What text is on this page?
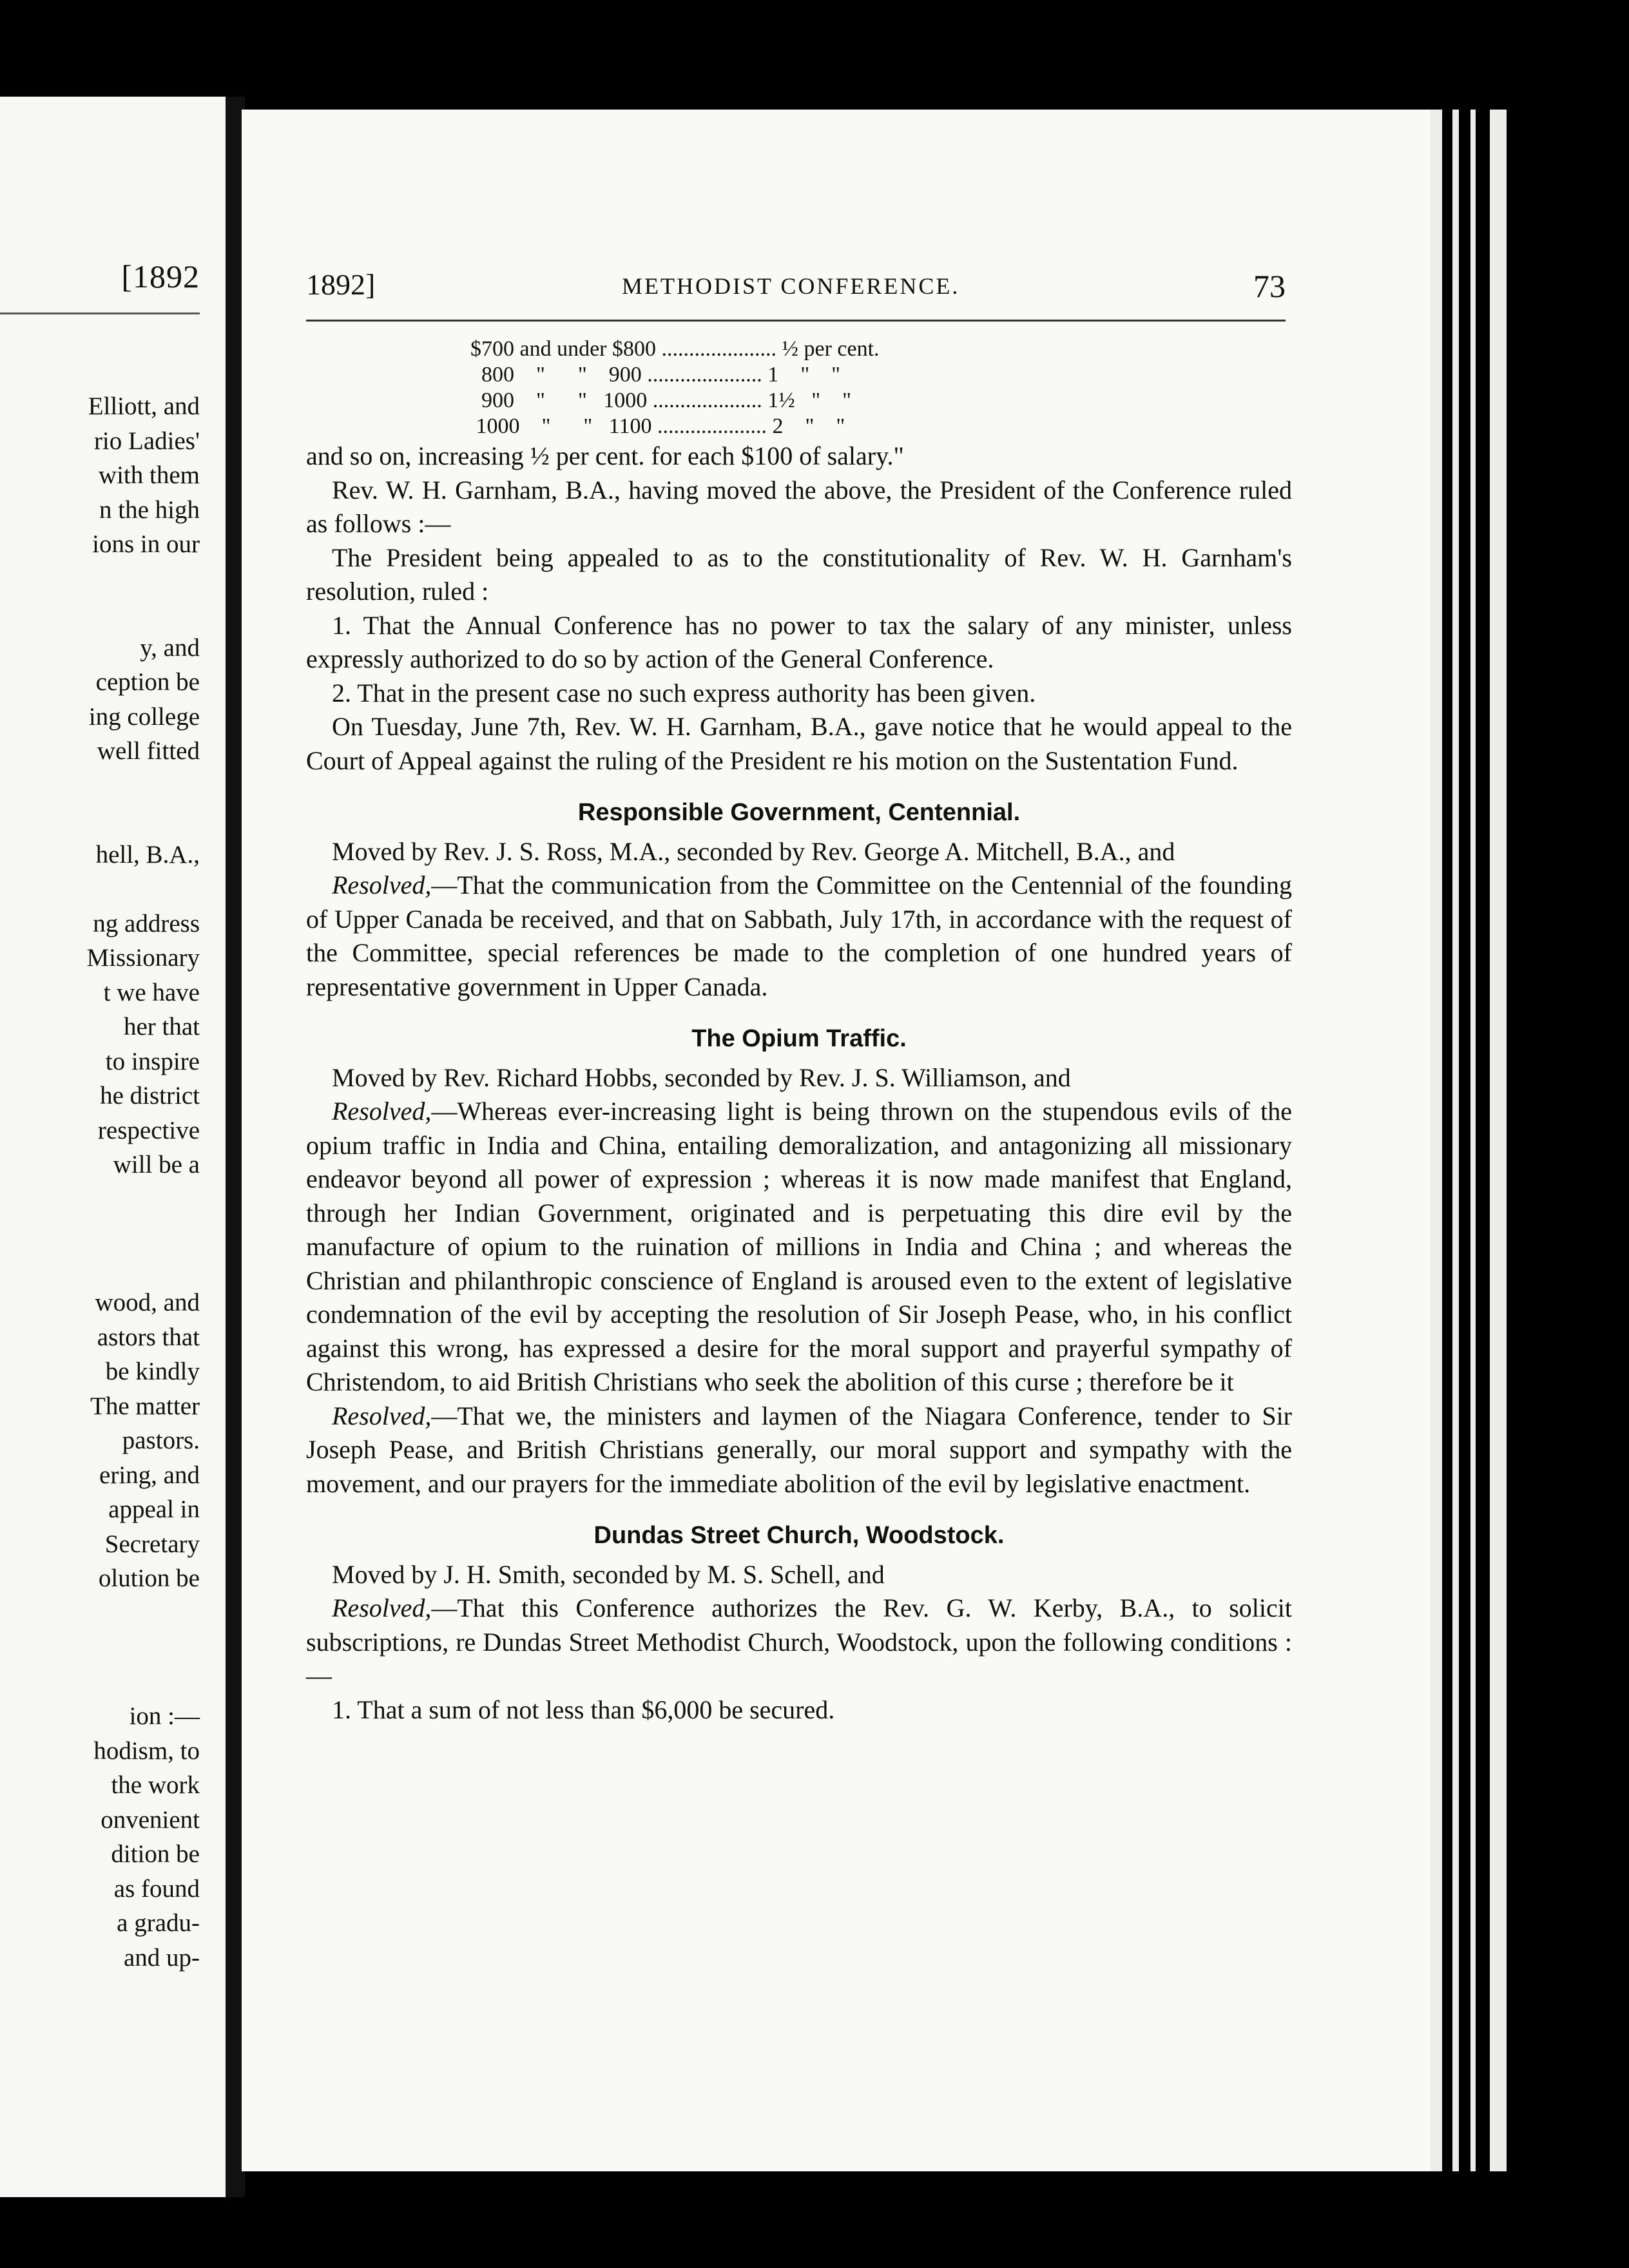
[1892
Elliott, and
rio Ladies'
with them
n the high
ions in our
y, and
ception be
ing college
well fitted
hell, B.A.,
ng address
Missionary
t we have
her that
to inspire
he district
respective
will be a
wood, and
astors that
be kindly
The matter
pastors.
ering, and
appeal in
Secretary
olution be
ion :—
hodism, to
the work
onvenient
dition be
as found
a gradu-
and up-
1892]	METHODIST CONFERENCE.	73
$700 and under $800 ..................... ½ per cent.
800    "      "    900 ..................... 1    "    "
900    "      "   1000 .................... 1½   "    "
1000    "      "   1100 .................... 2    "    "

and so on, increasing ½ per cent. for each $100 of salary."

Rev. W. H. Garnham, B.A., having moved the above, the President of the Conference ruled as follows :—

The President being appealed to as to the constitutionality of Rev. W. H. Garnham's resolution, ruled :

1. That the Annual Conference has no power to tax the salary of any minister, unless expressly authorized to do so by action of the General Conference.

2. That in the present case no such express authority has been given.

On Tuesday, June 7th, Rev. W. H. Garnham, B.A., gave notice that he would appeal to the Court of Appeal against the ruling of the President re his motion on the Sustentation Fund.

Responsible Government, Centennial.

Moved by Rev. J. S. Ross, M.A., seconded by Rev. George A. Mitchell, B.A., and

Resolved,—That the communication from the Committee on the Centennial of the founding of Upper Canada be received, and that on Sabbath, July 17th, in accordance with the request of the Committee, special references be made to the completion of one hundred years of representative government in Upper Canada.

The Opium Traffic.

Moved by Rev. Richard Hobbs, seconded by Rev. J. S. Williamson, and

Resolved,—Whereas ever-increasing light is being thrown on the stupendous evils of the opium traffic in India and China, entailing demoralization, and antagonizing all missionary endeavor beyond all power of expression ; whereas it is now made manifest that England, through her Indian Government, originated and is perpetuating this dire evil by the manufacture of opium to the ruination of millions in India and China ; and whereas the Christian and philanthropic conscience of England is aroused even to the extent of legislative condemnation of the evil by accepting the resolution of Sir Joseph Pease, who, in his conflict against this wrong, has expressed a desire for the moral support and prayerful sympathy of Christendom, to aid British Christians who seek the abolition of this curse ; therefore be it

Resolved,—That we, the ministers and laymen of the Niagara Conference, tender to Sir Joseph Pease, and British Christians generally, our moral support and sympathy with the movement, and our prayers for the immediate abolition of the evil by legislative enactment.

Dundas Street Church, Woodstock.

Moved by J. H. Smith, seconded by M. S. Schell, and

Resolved,—That this Conference authorizes the Rev. G. W. Kerby, B.A., to solicit subscriptions, re Dundas Street Methodist Church, Woodstock, upon the following conditions :—

1. That a sum of not less than $6,000 be secured.
